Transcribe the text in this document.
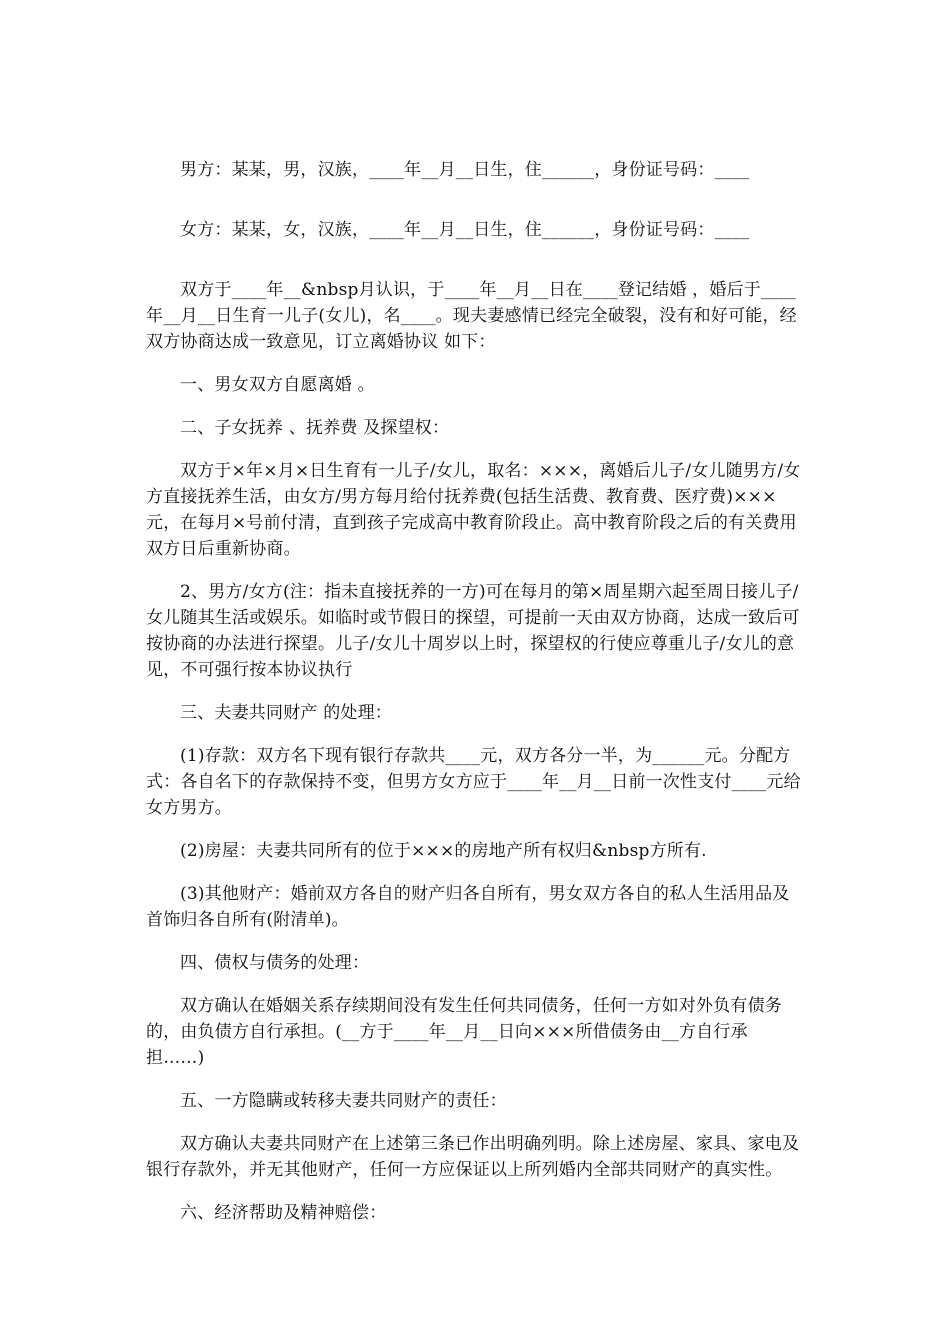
男方：某某，男，汉族，____年__月__日生，住______，身份证号码：____

女方：某某，女，汉族，____年__月__日生，住______，身份证号码：____

双方于____年__&nbsp月认识，于____年__月__日在____登记结婚 ，婚后于____年__月__日生育一儿子(女儿)，名____。现夫妻感情已经完全破裂，没有和好可能，经双方协商达成一致意见，订立离婚协议 如下：

一、男女双方自愿离婚 。

二、子女抚养 、抚养费 及探望权：

双方于×年×月×日生育有一儿子/女儿，取名：×××，离婚后儿子/女儿随男方/女方直接抚养生活，由女方/男方每月给付抚养费(包括生活费、教育费、医疗费)×××元，在每月×号前付清，直到孩子完成高中教育阶段止。高中教育阶段之后的有关费用双方日后重新协商。

2、男方/女方(注：指未直接抚养的一方)可在每月的第×周星期六起至周日接儿子/女儿随其生活或娱乐。如临时或节假日的探望，可提前一天由双方协商，达成一致后可按协商的办法进行探望。儿子/女儿十周岁以上时，探望权的行使应尊重儿子/女儿的意见，不可强行按本协议执行

三、夫妻共同财产 的处理：

(1)存款：双方名下现有银行存款共____元，双方各分一半，为______元。分配方式：各自名下的存款保持不变，但男方女方应于____年__月__日前一次性支付____元给女方男方。

(2)房屋：夫妻共同所有的位于×××的房地产所有权归&nbsp方所有.

(3)其他财产：婚前双方各自的财产归各自所有，男女双方各自的私人生活用品及首饰归各自所有(附清单)。

四、债权与债务的处理：

双方确认在婚姻关系存续期间没有发生任何共同债务，任何一方如对外负有债务的，由负债方自行承担。(__方于____年__月__日向×××所借债务由__方自行承担……)

五、一方隐瞒或转移夫妻共同财产的责任：

双方确认夫妻共同财产在上述第三条已作出明确列明。除上述房屋、家具、家电及银行存款外，并无其他财产，任何一方应保证以上所列婚内全部共同财产的真实性。

六、经济帮助及精神赔偿：
